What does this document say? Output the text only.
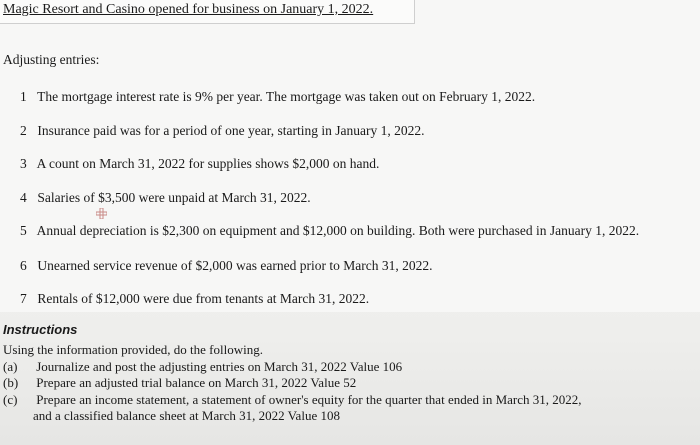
Magic Resort and Casino opened for business on January 1, 2022.
Adjusting entries:
1 The mortgage interest rate is 9% per year. The mortgage was taken out on February 1, 2022.
2 Insurance paid was for a period of one year, starting in January 1, 2022.
3 A count on March 31, 2022 for supplies shows $2,000 on hand.
4 Salaries of $3,500 were unpaid at March 31, 2022.
5 Annual depreciation is $2,300 on equipment and $12,000 on building. Both were purchased in January 1, 2022.
6 Unearned service revenue of $2,000 was earned prior to March 31, 2022.
7 Rentals of $12,000 were due from tenants at March 31, 2022.
Instructions
Using the information provided, do the following.
(a) Journalize and post the adjusting entries on March 31, 2022 Value 106
(b) Prepare an adjusted trial balance on March 31, 2022 Value 52
(c) Prepare an income statement, a statement of owner's equity for the quarter that ended in March 31, 2022,
and a classified balance sheet at March 31, 2022 Value 108
